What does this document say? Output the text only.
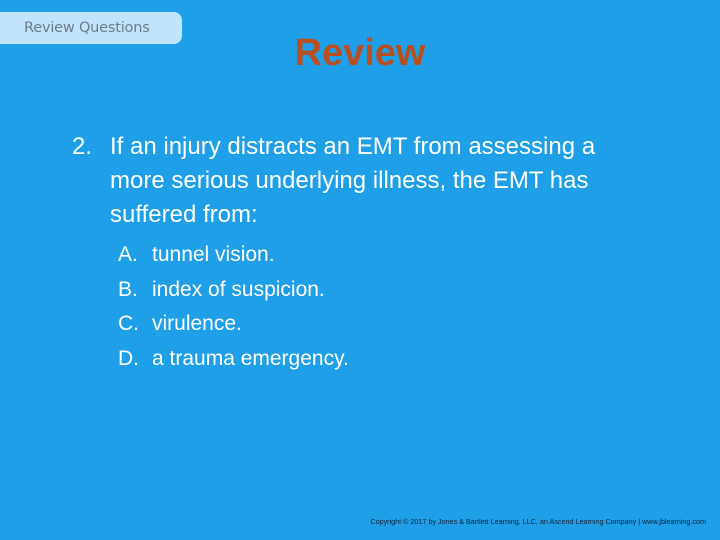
Review Questions
Review
2. If an injury distracts an EMT from assessing a more serious underlying illness, the EMT has suffered from:
A. tunnel vision.
B. index of suspicion.
C. virulence.
D. a trauma emergency.
Copyright © 2017 by Jones & Bartlett Learning, LLC, an Ascend Learning Company | www.jblearning.com
